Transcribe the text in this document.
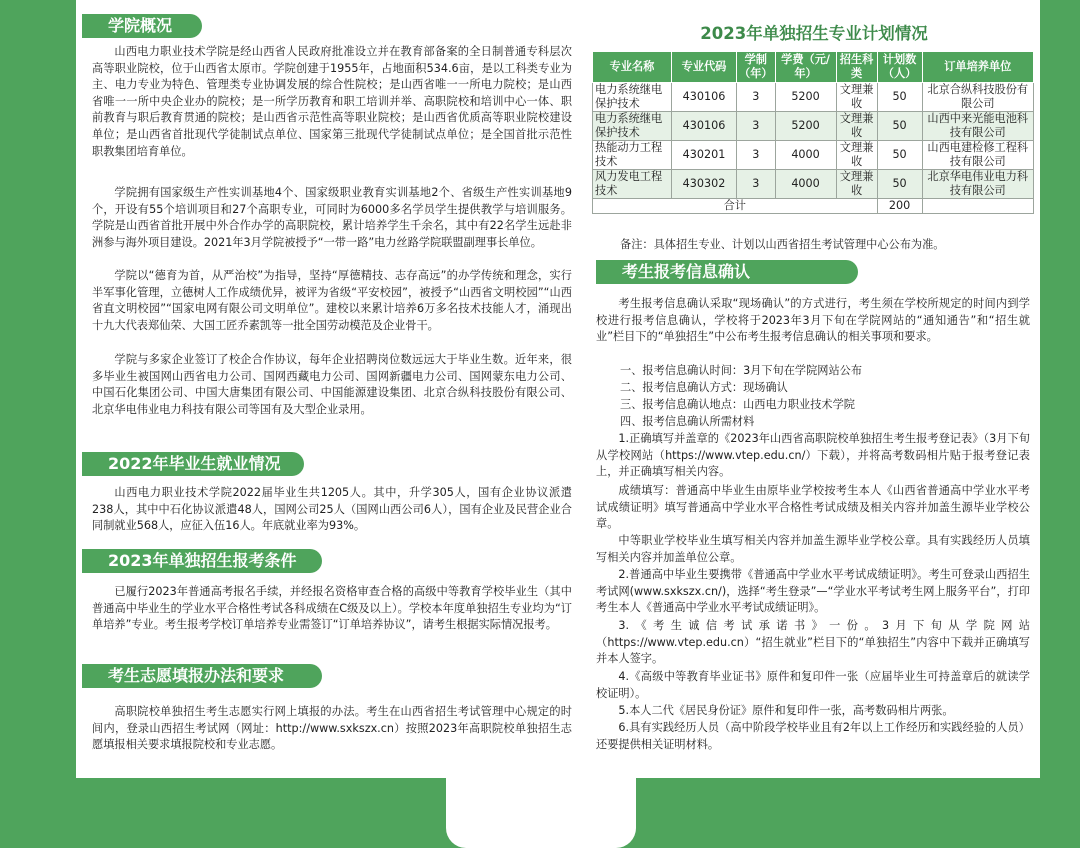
学院概况

山西电力职业技术学院是经山西省人民政府批准设立并在教育部备案的全日制普通专科层次高等职业院校，位于山西省太原市。学院创建于1955年，占地面积534.6亩，是以工科类专业为主、电力专业为特色、管理类专业协调发展的综合性院校；是山西省唯一一所电力院校；是山西省唯一一所中央企业办的院校；是一所学历教育和职工培训并举、高职院校和培训中心一体、职前教育与职后教育贯通的院校；是山西省示范性高等职业院校；是山西省优质高等职业院校建设单位；是山西省首批现代学徒制试点单位、国家第三批现代学徒制试点单位；是全国首批示范性职教集团培育单位。

学院拥有国家级生产性实训基地4个、国家级职业教育实训基地2个、省级生产性实训基地9个，开设有55个培训项目和27个高职专业，可同时为6000多名学员学生提供教学与培训服务。学院是山西省首批开展中外合作办学的高职院校，累计培养学生千余名，其中有22名学生远赴非洲参与海外项目建设。2021年3月学院被授予“一带一路”电力丝路学院联盟副理事长单位。

学院以“德育为首，从严治校”为指导，坚持“厚德精技、志存高远”的办学传统和理念，实行半军事化管理，立德树人工作成绩优异，被评为省级“平安校园”，被授予“山西省文明校园”“山西省直文明校园”“国家电网有限公司文明单位”。建校以来累计培养6万多名技术技能人才，涌现出十九大代表郑仙荣、大国工匠乔素凯等一批全国劳动模范及企业骨干。

学院与多家企业签订了校企合作协议，每年企业招聘岗位数远远大于毕业生数。近年来，很多毕业生被国网山西省电力公司、国网西藏电力公司、国网新疆电力公司、国网蒙东电力公司、中国石化集团公司、中国大唐集团有限公司、中国能源建设集团、北京合纵科技股份有限公司、北京华电伟业电力科技有限公司等国有及大型企业录用。

2022年毕业生就业情况

山西电力职业技术学院2022届毕业生共1205人。其中，升学305人，国有企业协议派遣238人，其中中石化协议派遣48人，国网公司25人（国网山西公司6人），国有企业及民营企业合同制就业568人，应征入伍16人。年底就业率为93%。

2023年单独招生报考条件

已履行2023年普通高考报名手续，并经报名资格审查合格的高级中等教育学校毕业生（其中普通高中毕业生的学业水平合格性考试各科成绩在C级及以上）。学校本年度单独招生专业均为“订单培养”专业。考生报考学校订单培养专业需签订“订单培养协议”，请考生根据实际情况报考。

考生志愿填报办法和要求

高职院校单独招生考生志愿实行网上填报的办法。考生在山西省招生考试管理中心规定的时间内，登录山西招生考试网（网址：http://www.sxkszx.cn）按照2023年高职院校单独招生志愿填报相关要求填报院校和专业志愿。

2023年单独招生专业计划情况
专业名称	专业代码	学制（年）	学费（元/年）	招生科类	计划数（人）	订单培养单位
电力系统继电保护技术	430106	3	5200	文理兼收	50	北京合纵科技股份有限公司
电力系统继电保护技术	430106	3	5200	文理兼收	50	山西中来光能电池科技有限公司
热能动力工程技术	430201	3	4000	文理兼收	50	山西电建检修工程科技有限公司
风力发电工程技术	430302	3	4000	文理兼收	50	北京华电伟业电力科技有限公司
合计					200	
备注：具体招生专业、计划以山西省招生考试管理中心公布为准。
考生报考信息确认

考生报考信息确认采取“现场确认”的方式进行，考生须在学校所规定的时间内到学校进行报考信息确认，学校将于2023年3月下旬在学院网站的“通知通告”和“招生就业”栏目下的“单独招生”中公布考生报考信息确认的相关事项和要求。

一、报考信息确认时间：3月下旬在学院网站公布

二、报考信息确认方式：现场确认

三、报考信息确认地点：山西电力职业技术学院

四、报考信息确认所需材料

1.正确填写并盖章的《2023年山西省高职院校单独招生考生报考登记表》（3月下旬从学校网站（https://www.vtep.edu.cn/）下载），并将高考数码相片贴于报考登记表上，并正确填写相关内容。

成绩填写：普通高中毕业生由原毕业学校按考生本人《山西省普通高中学业水平考试成绩证明》填写普通高中学业水平合格性考试成绩及相关内容并加盖生源毕业学校公章。

中等职业学校毕业生填写相关内容并加盖生源毕业学校公章。具有实践经历人员填写相关内容并加盖单位公章。

2.普通高中毕业生要携带《普通高中学业水平考试成绩证明》。考生可登录山西招生考试网(www.sxkszx.cn/)，选择“考生登录”—“学业水平考试考生网上服务平台”，打印考生本人《普通高中学业水平考试成绩证明》。

3.《考生诚信考试承诺书》一份。3月下旬从学院网站（https://www.vtep.edu.cn）“招生就业”栏目下的“单独招生”内容中下载并正确填写并本人签字。

4.《高级中等教育毕业证书》原件和复印件一张（应届毕业生可持盖章后的就读学校证明）。

5.本人二代《居民身份证》原件和复印件一张，高考数码相片两张。

6.具有实践经历人员（高中阶段学校毕业且有2年以上工作经历和实践经验的人员）还要提供相关证明材料。
